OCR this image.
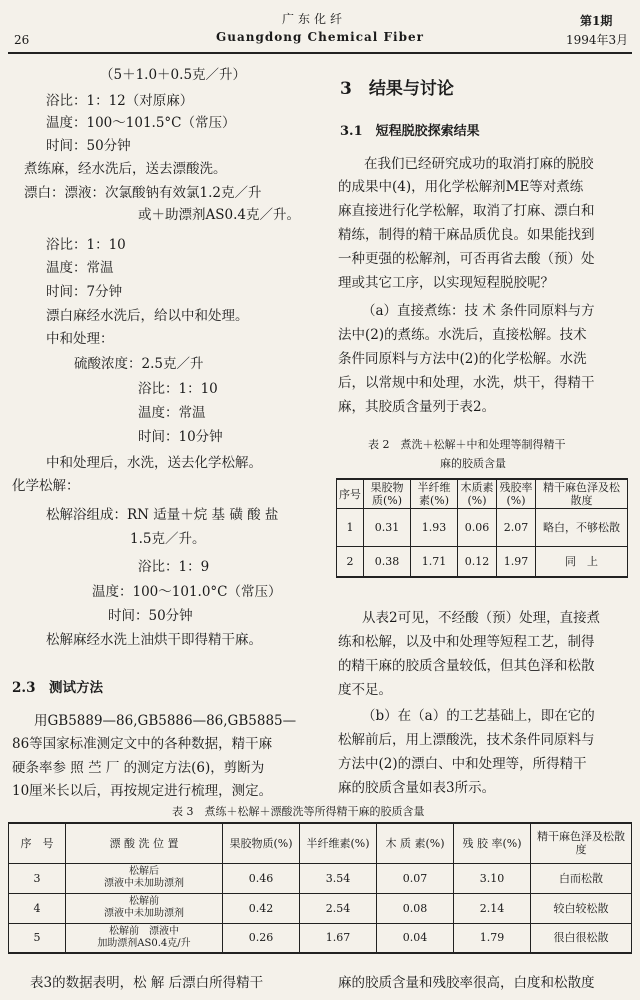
26
广东化纤
Guangdong Chemical Fiber
第1期
1994年3月
（5＋1.0＋0.5克／升）
浴比：1：12（对原麻）
温度：100～101.5°C（常压）
时间：50分钟
煮练麻，经水洗后，送去漂酸洗。
漂白：漂液：次氯酸钠有效氯1.2克／升
或＋助漂剂AS0.4克／升。
浴比：1：10
温度：常温
时间：7分钟
漂白麻经水洗后，给以中和处理。
中和处理：
硫酸浓度：2.5克／升
浴比：1：10
温度：常温
时间：10分钟
中和处理后，水洗，送去化学松解。
化学松解：
松解浴组成：RN 适量＋烷 基 磺 酸 盐
1.5克／升。
浴比：1：9
温度：100～101.0°C（常压）
时间：50分钟
松解麻经水洗上油烘干即得精干麻。
2.3　测试方法
用GB5889—86,GB5886—86,GB5885—
86等国家标准测定文中的各种数据，精干麻
硬条率参 照 苎 厂 的测定方法(6)，剪断为
10厘米长以后，再按规定进行梳理，测定。
3　结果与讨论
3.1　短程脱胶探索结果
在我们已经研究成功的取消打麻的脱胶
的成果中(4)，用化学松解剂ME等对煮练
麻直接进行化学松解，取消了打麻、漂白和
精练，制得的精干麻品质优良。如果能找到
一种更强的松解剂，可否再省去酸（预）处
理或其它工序，以实现短程脱胶呢？
（a）直接煮练：技 术 条件同原料与方
法中(2)的煮练。水洗后，直接松解。技术
条件同原料与方法中(2)的化学松解。水洗
后，以常规中和处理，水洗，烘干，得精干
麻，其胶质含量列于表2。
表 2　煮洗＋松解＋中和处理等制得精干
麻的胶质含量
序号	果胶物质(%)	半纤维素(%)	木质素(%)	残胶率(%)	精干麻色泽及松散度
1	0.31	1.93	0.06	2.07	略白，不够松散
2	0.38	1.71	0.12	1.97	同　上
从表2可见，不经酸（预）处理，直接煮
练和松解，以及中和处理等短程工艺，制得
的精干麻的胶质含量较低，但其色泽和松散
度不足。
（b）在（a）的工艺基础上，即在它的
松解前后，用上漂酸洗，技术条件同原料与
方法中(2)的漂白、中和处理等，所得精干
麻的胶质含量如表3所示。
表 3　煮练＋松解＋漂酸洗等所得精干麻的胶质含量
序　号	漂 酸 洗 位 置	果胶物质(%)	半纤维素(%)	木 质 素(%)	残 胶 率(%)	精干麻色泽及松散度
3	松解后
漂液中未加助漂剂	0.46	3.54	0.07	3.10	白而松散
4	松解前
漂液中未加助漂剂	0.42	2.54	0.08	2.14	较白较松散
5	松解前　漂液中
加助漂剂AS0.4克/升	0.26	1.67	0.04	1.79	很白很松散
表3的数据表明，松 解 后漂白所得精干	麻的胶质含量和残胶率很高，白度和松散度
